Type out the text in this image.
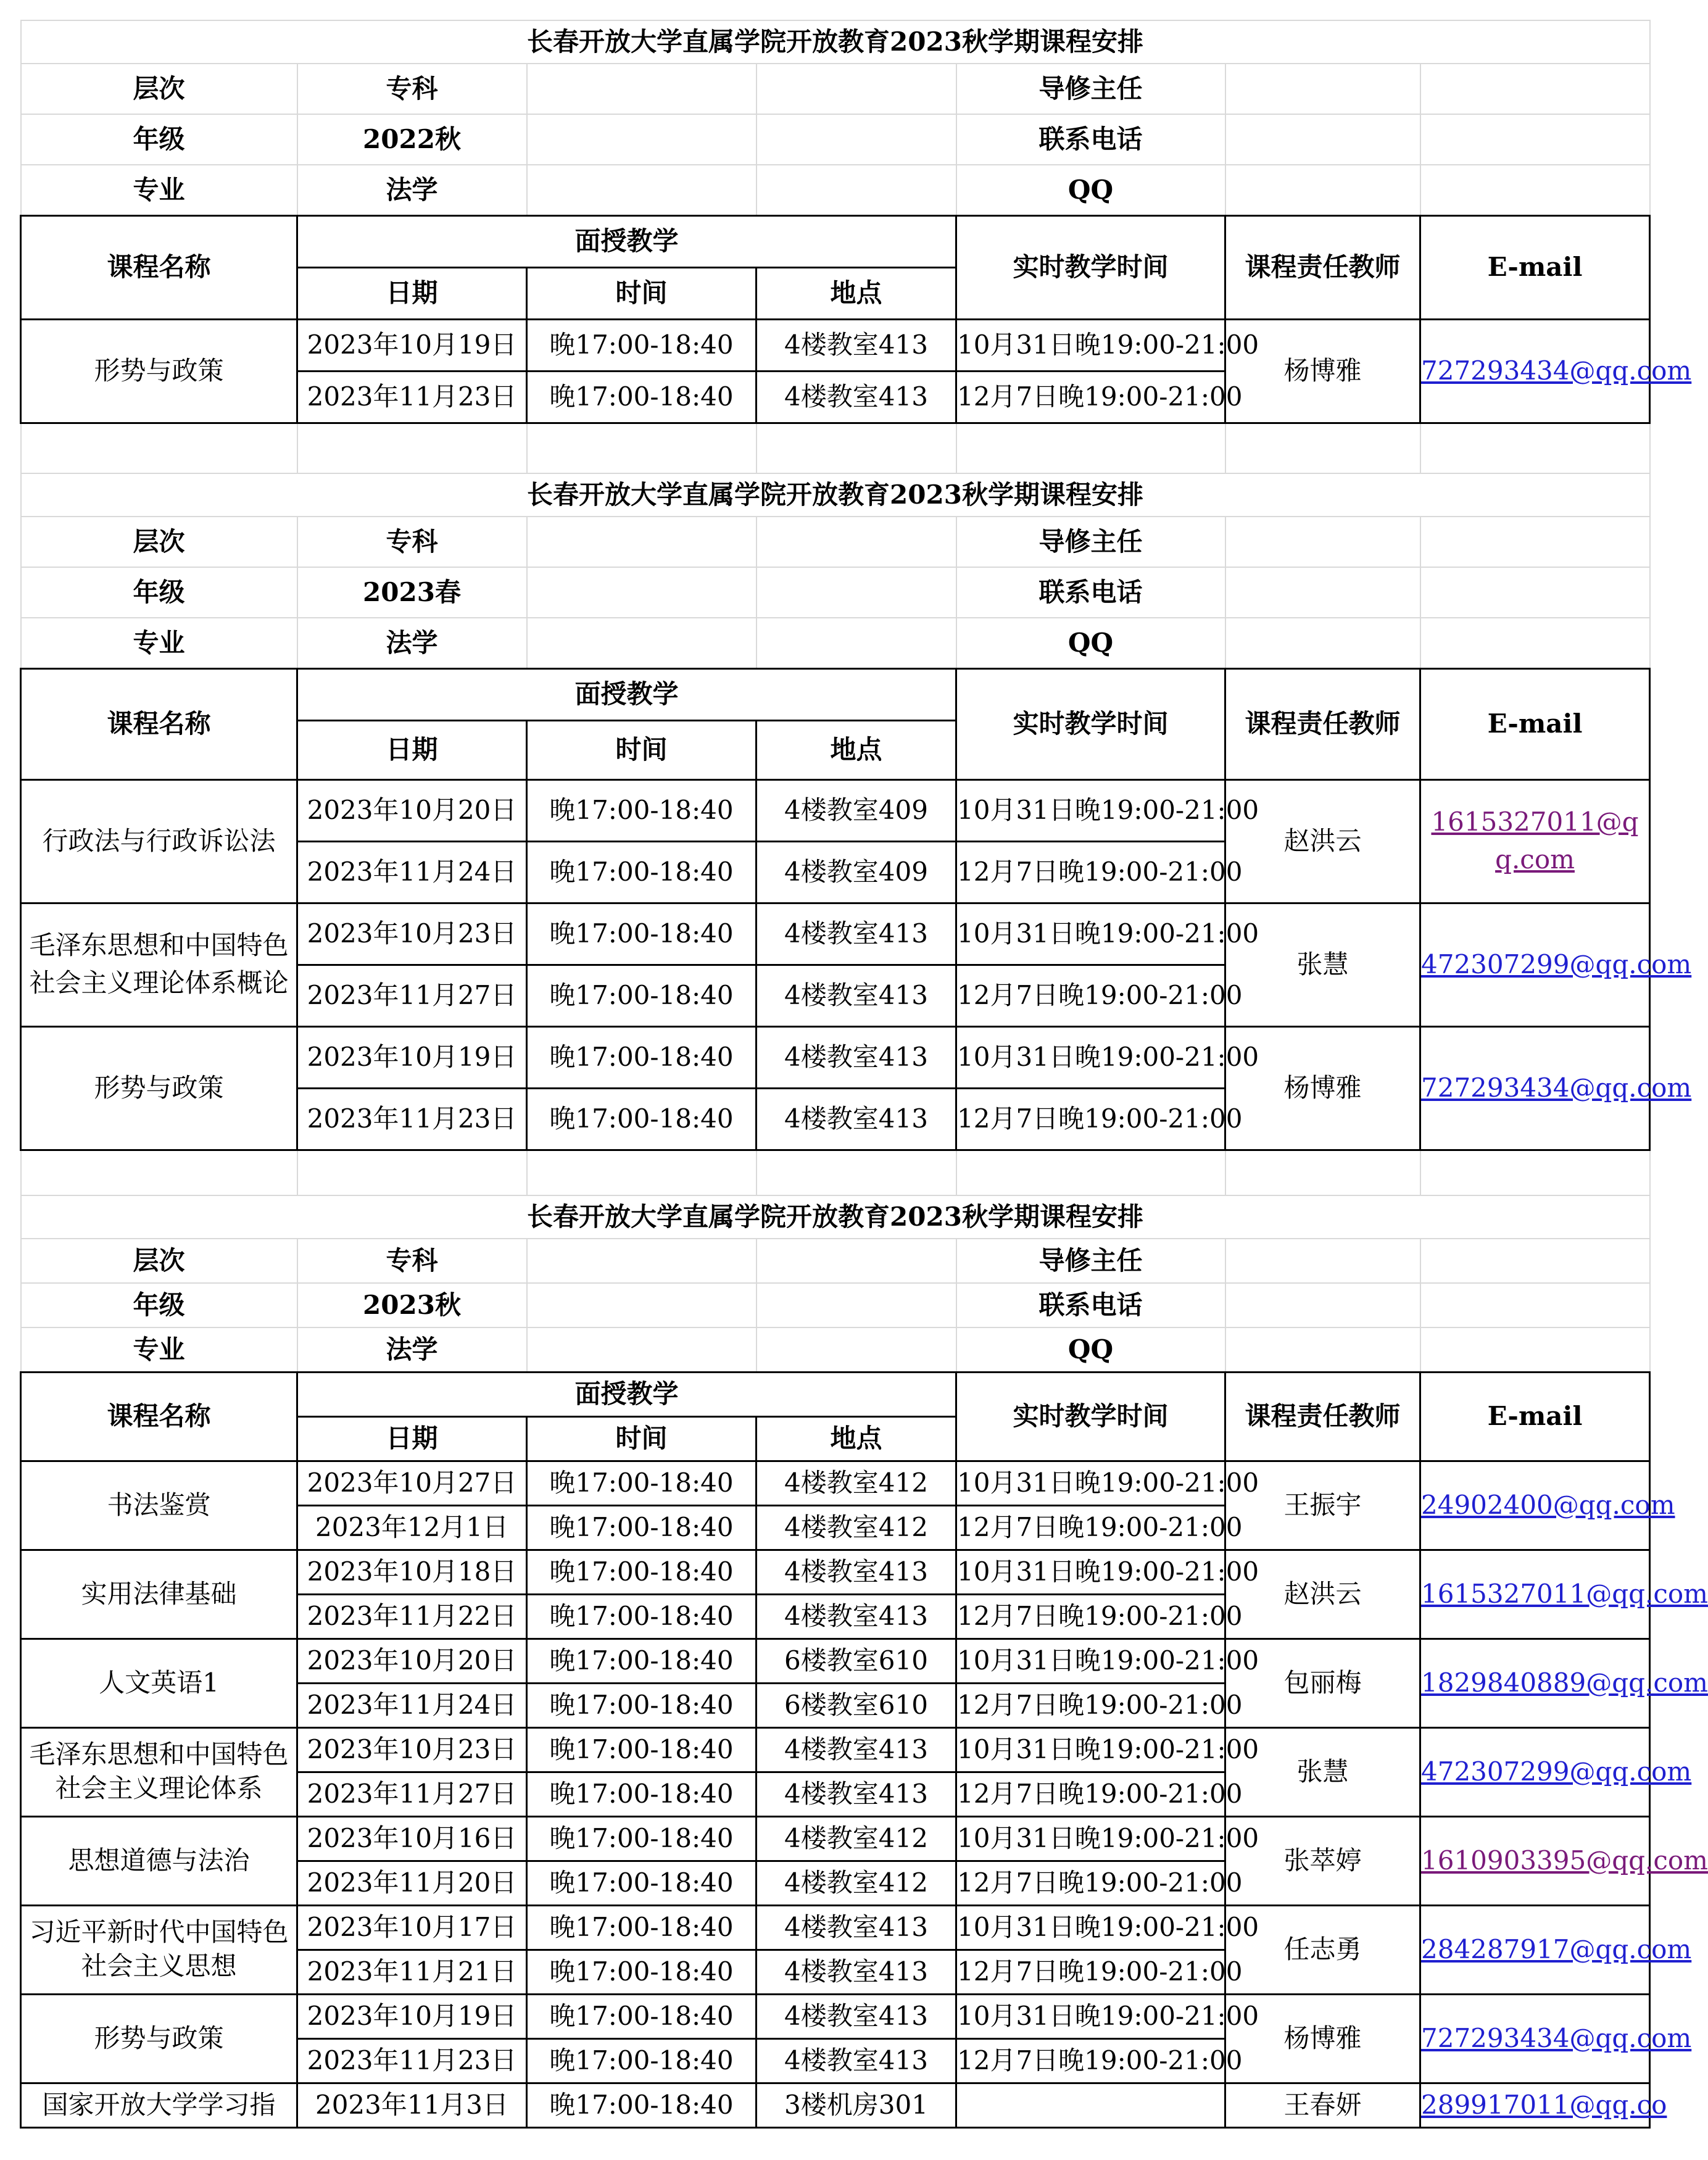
长春开放大学直属学院开放教育2023秋学期课程安排						
层次	专科			导修主任		
年级	2022秋			联系电话		
专业	法学			QQ		
课程名称	面授教学			实时教学时间	课程责任教师	E-mail
	日期	时间	地点			
形势与政策	2023年10月19日	晚17:00-18:40	4楼教室413	10月31日晚19:00-21:00	杨博雅	727293434@qq.com
	2023年11月23日	晚17:00-18:40	4楼教室413	12月7日晚19:00-21:00		

长春开放大学直属学院开放教育2023秋学期课程安排						
层次	专科			导修主任		
年级	2023春			联系电话		
专业	法学			QQ		
课程名称	面授教学			实时教学时间	课程责任教师	E-mail
	日期	时间	地点			
行政法与行政诉讼法	2023年10月20日	晚17:00-18:40	4楼教室409	10月31日晚19:00-21:00	赵洪云	1615327011@qq.com
	2023年11月24日	晚17:00-18:40	4楼教室409	12月7日晚19:00-21:00		
毛泽东思想和中国特色社会主义理论体系概论	2023年10月23日	晚17:00-18:40	4楼教室413	10月31日晚19:00-21:00	张慧	472307299@qq.com
	2023年11月27日	晚17:00-18:40	4楼教室413	12月7日晚19:00-21:00		
形势与政策	2023年10月19日	晚17:00-18:40	4楼教室413	10月31日晚19:00-21:00	杨博雅	727293434@qq.com
	2023年11月23日	晚17:00-18:40	4楼教室413	12月7日晚19:00-21:00		

长春开放大学直属学院开放教育2023秋学期课程安排						
层次	专科			导修主任		
年级	2023秋			联系电话		
专业	法学			QQ		
课程名称	面授教学			实时教学时间	课程责任教师	E-mail
	日期	时间	地点			
书法鉴赏	2023年10月27日	晚17:00-18:40	4楼教室412	10月31日晚19:00-21:00	王振宇	24902400@qq.com
	2023年12月1日	晚17:00-18:40	4楼教室412	12月7日晚19:00-21:00		
实用法律基础	2023年10月18日	晚17:00-18:40	4楼教室413	10月31日晚19:00-21:00	赵洪云	1615327011@qq.com
	2023年11月22日	晚17:00-18:40	4楼教室413	12月7日晚19:00-21:00		
人文英语1	2023年10月20日	晚17:00-18:40	6楼教室610	10月31日晚19:00-21:00	包丽梅	1829840889@qq.com
	2023年11月24日	晚17:00-18:40	6楼教室610	12月7日晚19:00-21:00		
毛泽东思想和中国特色社会主义理论体系	2023年10月23日	晚17:00-18:40	4楼教室413	10月31日晚19:00-21:00	张慧	472307299@qq.com
	2023年11月27日	晚17:00-18:40	4楼教室413	12月7日晚19:00-21:00		
思想道德与法治	2023年10月16日	晚17:00-18:40	4楼教室412	10月31日晚19:00-21:00	张萃婷	1610903395@qq.com
	2023年11月20日	晚17:00-18:40	4楼教室412	12月7日晚19:00-21:00		
习近平新时代中国特色社会主义思想	2023年10月17日	晚17:00-18:40	4楼教室413	10月31日晚19:00-21:00	任志勇	284287917@qq.com
	2023年11月21日	晚17:00-18:40	4楼教室413	12月7日晚19:00-21:00		
形势与政策	2023年10月19日	晚17:00-18:40	4楼教室413	10月31日晚19:00-21:00	杨博雅	727293434@qq.com
	2023年11月23日	晚17:00-18:40	4楼教室413	12月7日晚19:00-21:00		
国家开放大学学习指	2023年11月3日	晚17:00-18:40	3楼机房301		王春妍	289917011@qq.co
